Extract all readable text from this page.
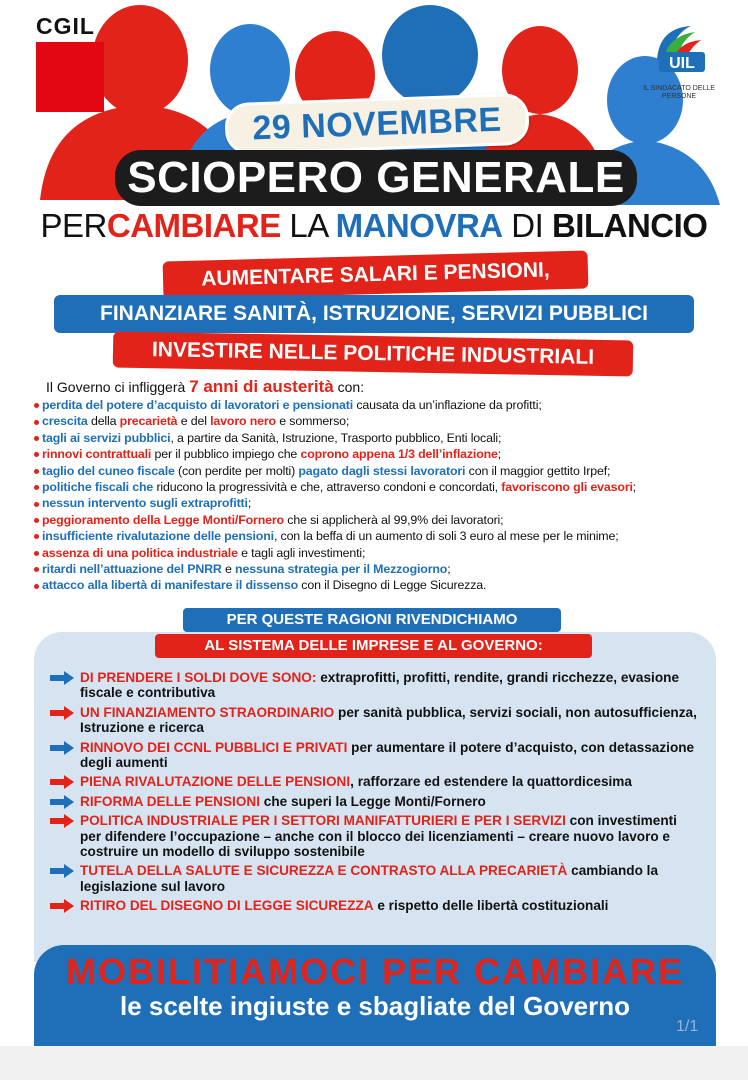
CGIL
UIL
IL SINDACATO DELLE PERSONE
29 NOVEMBRE
SCIOPERO GENERALE
PERCAMBIARE LA MANOVRA DI BILANCIO
AUMENTARE SALARI E PENSIONI,
FINANZIARE SANITÀ, ISTRUZIONE, SERVIZI PUBBLICI
INVESTIRE NELLE POLITICHE INDUSTRIALI
Il Governo ci infliggerà 7 anni di austerità con:
perdita del potere d’acquisto di lavoratori e pensionati causata da un’inflazione da profitti;
crescita della precarietà e del lavoro nero e sommerso;
tagli ai servizi pubblici, a partire da Sanità, Istruzione, Trasporto pubblico, Enti locali;
rinnovi contrattuali per il pubblico impiego che coprono appena 1/3 dell’inflazione;
taglio del cuneo fiscale (con perdite per molti) pagato dagli stessi lavoratori con il maggior gettito Irpef;
politiche fiscali che riducono la progressività e che, attraverso condoni e concordati, favoriscono gli evasori;
nessun intervento sugli extraprofitti;
peggioramento della Legge Monti/Fornero che si applicherà al 99,9% dei lavoratori;
insufficiente rivalutazione delle pensioni, con la beffa di un aumento di soli 3 euro al mese per le minime;
assenza di una politica industriale e tagli agli investimenti;
ritardi nell’attuazione del PNRR e nessuna strategia per il Mezzogiorno;
attacco alla libertà di manifestare il dissenso con il Disegno di Legge Sicurezza.
PER QUESTE RAGIONI RIVENDICHIAMO
AL SISTEMA DELLE IMPRESE E AL GOVERNO:
DI PRENDERE I SOLDI DOVE SONO: extraprofitti, profitti, rendite, grandi ricchezze, evasione fiscale e contributiva
UN FINANZIAMENTO STRAORDINARIO per sanità pubblica, servizi sociali, non autosufficienza, Istruzione e ricerca
RINNOVO DEI CCNL PUBBLICI E PRIVATI per aumentare il potere d’acquisto, con detassazione degli aumenti
PIENA RIVALUTAZIONE DELLE PENSIONI, rafforzare ed estendere la quattordicesima
RIFORMA DELLE PENSIONI che superi la Legge Monti/Fornero
POLITICA INDUSTRIALE PER I SETTORI MANIFATTURIERI E PER I SERVIZI con investimenti per difendere l’occupazione – anche con il blocco dei licenziamenti – creare nuovo lavoro e costruire un modello di sviluppo sostenibile
TUTELA DELLA SALUTE E SICUREZZA E CONTRASTO ALLA PRECARIETÀ cambiando la legislazione sul lavoro
RITIRO DEL DISEGNO DI LEGGE SICUREZZA e rispetto delle libertà costituzionali
MOBILITIAMOCI PER CAMBIARE
le scelte ingiuste e sbagliate del Governo
1/1
